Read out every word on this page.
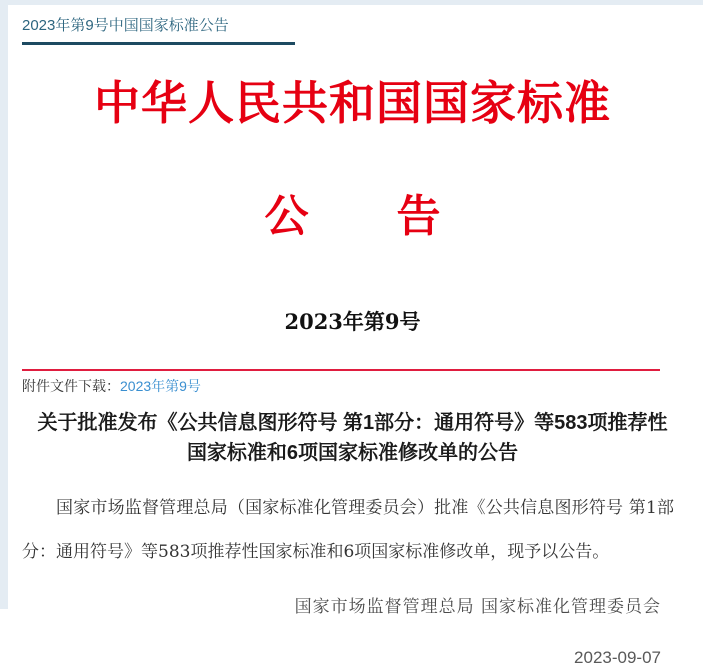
2023年第9号中国国家标准公告
中华人民共和国国家标准
公　　告
2023年第9号
附件文件下载：2023年第9号
关于批准发布《公共信息图形符号 第1部分：通用符号》等583项推荐性国家标准和6项国家标准修改单的公告
国家市场监督管理总局（国家标准化管理委员会）批准《公共信息图形符号 第1部分：通用符号》等583项推荐性国家标准和6项国家标准修改单，现予以公告。
国家市场监督管理总局 国家标准化管理委员会
2023-09-07
